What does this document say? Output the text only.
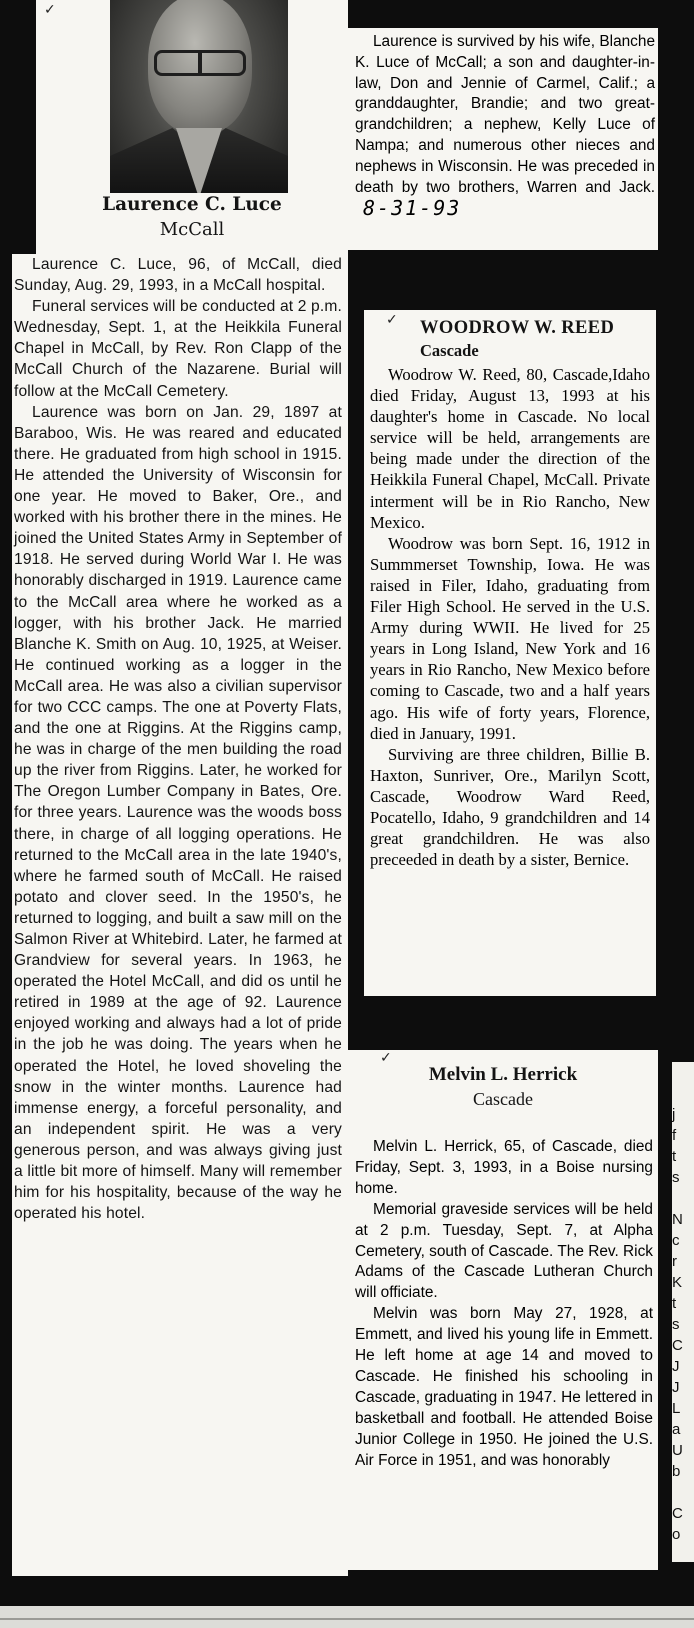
✓
Laurence C. Luce
McCall

Laurence C. Luce, 96, of McCall, died Sunday, Aug. 29, 1993, in a McCall hospital.

Funeral services will be conducted at 2 p.m. Wednesday, Sept. 1, at the Heikkila Funeral Chapel in McCall, by Rev. Ron Clapp of the McCall Church of the Nazarene. Burial will follow at the McCall Cemetery.

Laurence was born on Jan. 29, 1897 at Baraboo, Wis. He was reared and educated there. He graduated from high school in 1915. He attended the University of Wisconsin for one year. He moved to Baker, Ore., and worked with his brother there in the mines. He joined the United States Army in September of 1918. He served during World War I. He was honorably discharged in 1919. Laurence came to the McCall area where he worked as a logger, with his brother Jack. He married Blanche K. Smith on Aug. 10, 1925, at Weiser. He continued working as a logger in the McCall area. He was also a civilian supervisor for two CCC camps. The one at Poverty Flats, and the one at Riggins. At the Riggins camp, he was in charge of the men building the road up the river from Riggins. Later, he worked for The Oregon Lumber Company in Bates, Ore. for three years. Laurence was the woods boss there, in charge of all logging operations. He returned to the McCall area in the late 1940's, where he farmed south of McCall. He raised potato and clover seed. In the 1950's, he returned to logging, and built a saw mill on the Salmon River at Whitebird. Later, he farmed at Grandview for several years. In 1963, he operated the Hotel McCall, and did os until he retired in 1989 at the age of 92. Laurence enjoyed working and always had a lot of pride in the job he was doing. The years when he operated the Hotel, he loved shoveling the snow in the winter months. Laurence had immense energy, a forceful personality, and an independent spirit. He was a very generous person, and was always giving just a little bit more of himself. Many will remember him for his hospitality, because of the way he operated his hotel.

Laurence is survived by his wife, Blanche K. Luce of McCall; a son and daughter-in-law, Don and Jennie of Carmel, Calif.; a granddaughter, Brandie; and two great-grandchildren; a nephew, Kelly Luce of Nampa; and numerous other nieces and nephews in Wisconsin. He was preceded in death by two brothers, Warren and Jack. 8-31-93

✓ WOODROW W. REED
Cascade

Woodrow W. Reed, 80, Cascade,Idaho died Friday, August 13, 1993 at his daughter's home in Cascade. No local service will be held, arrangements are being made under the direction of the Heikkila Funeral Chapel, McCall. Private interment will be in Rio Rancho, New Mexico.

Woodrow was born Sept. 16, 1912 in Summmerset Township, Iowa. He was raised in Filer, Idaho, graduating from Filer High School. He served in the U.S. Army during WWII. He lived for 25 years in Long Island, New York and 16 years in Rio Rancho, New Mexico before coming to Cascade, two and a half years ago. His wife of forty years, Florence, died in January, 1991.

Surviving are three children, Billie B. Haxton, Sunriver, Ore., Marilyn Scott, Cascade, Woodrow Ward Reed, Pocatello, Idaho, 9 grandchildren and 14 great grandchildren. He was also preceeded in death by a sister, Bernice.

✓
Melvin L. Herrick
Cascade

Melvin L. Herrick, 65, of Cascade, died Friday, Sept. 3, 1993, in a Boise nursing home.

Memorial graveside services will be held at 2 p.m. Tuesday, Sept. 7, at Alpha Cemetery, south of Cascade. The Rev. Rick Adams of the Cascade Lutheran Church will officiate.

Melvin was born May 27, 1928, at Emmett, and lived his young life in Emmett. He left home at age 14 and moved to Cascade. He finished his schooling in Cascade, graduating in 1947. He lettered in basketball and football. He attended Boise Junior College in 1950. He joined the U.S. Air Force in 1951, and was honorably

j
f
t
s
N
c
r
K
t
s
C
J
J
L
a
U
b
C
o
